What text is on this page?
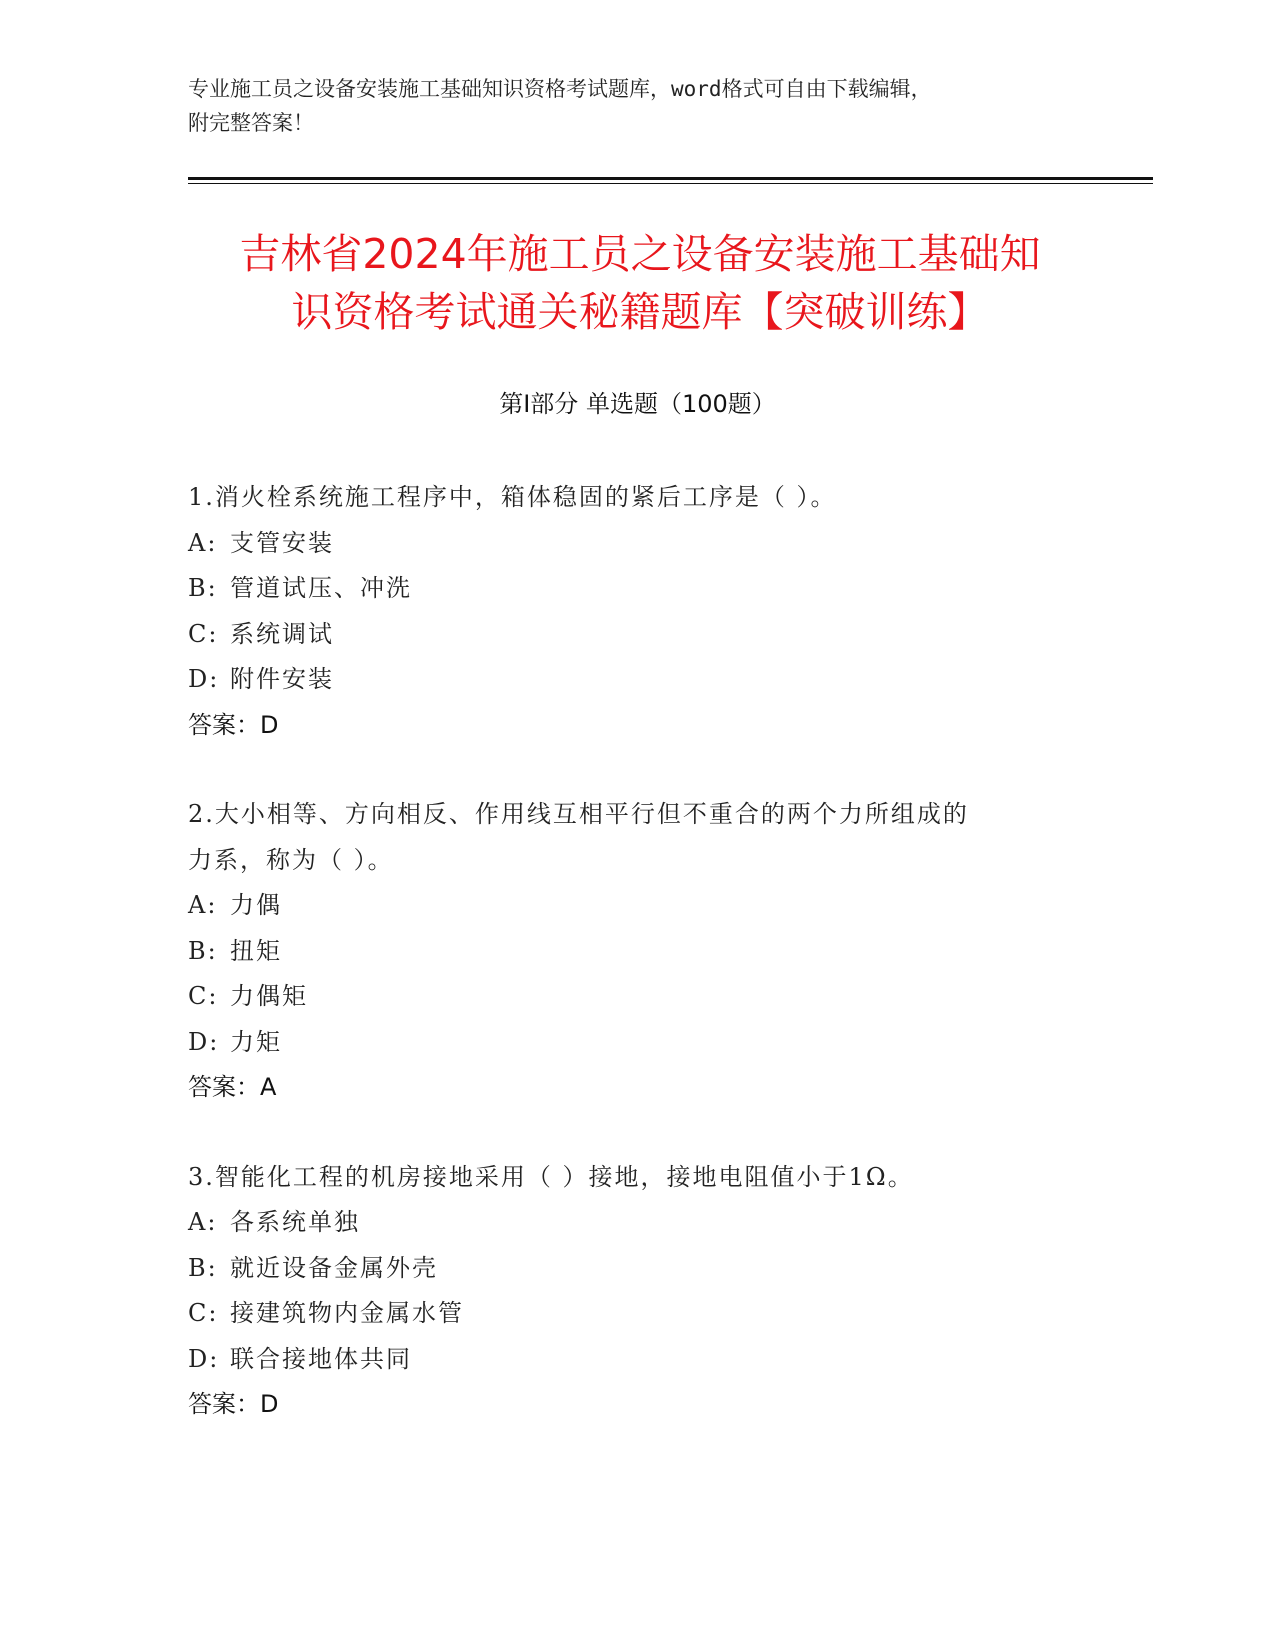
专业施工员之设备安装施工基础知识资格考试题库，word格式可自由下载编辑，
附完整答案！
吉林省2024年施工员之设备安装施工基础知
识资格考试通关秘籍题库【突破训练】
第Ⅰ部分 单选题（100题）
1.消火栓系统施工程序中，箱体稳固的紧后工序是（ ）。
A: 支管安装
B: 管道试压、冲洗
C: 系统调试
D: 附件安装
答案：D
2.大小相等、方向相反、作用线互相平行但不重合的两个力所组成的
力系，称为（ ）。
A: 力偶
B: 扭矩
C: 力偶矩
D: 力矩
答案：A
3.智能化工程的机房接地采用（ ）接地，接地电阻值小于1Ω。
A: 各系统单独
B: 就近设备金属外壳
C: 接建筑物内金属水管
D: 联合接地体共同
答案：D
